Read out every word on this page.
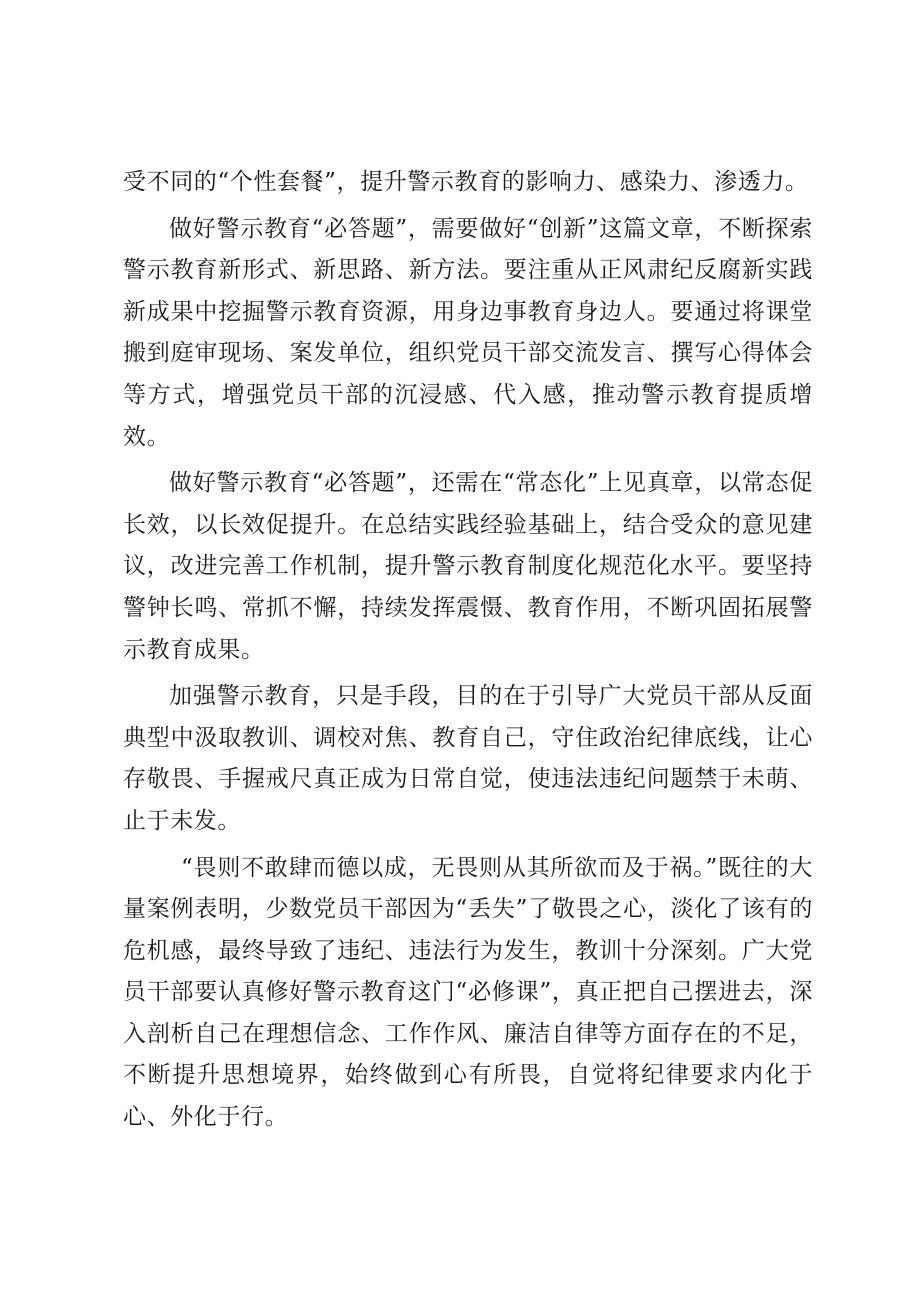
受不同的“个性套餐”，提升警示教育的影响力、感染力、渗透力。

做好警示教育“必答题”，需要做好“创新”这篇文章，不断探索警示教育新形式、新思路、新方法。要注重从正风肃纪反腐新实践新成果中挖掘警示教育资源，用身边事教育身边人。要通过将课堂搬到庭审现场、案发单位，组织党员干部交流发言、撰写心得体会等方式，增强党员干部的沉浸感、代入感，推动警示教育提质增效。

做好警示教育“必答题”，还需在“常态化”上见真章，以常态促长效，以长效促提升。在总结实践经验基础上，结合受众的意见建议，改进完善工作机制，提升警示教育制度化规范化水平。要坚持警钟长鸣、常抓不懈，持续发挥震慑、教育作用，不断巩固拓展警示教育成果。

加强警示教育，只是手段，目的在于引导广大党员干部从反面典型中汲取教训、调校对焦、教育自己，守住政治纪律底线，让心存敬畏、手握戒尺真正成为日常自觉，使违法违纪问题禁于未萌、止于未发。

“畏则不敢肆而德以成，无畏则从其所欲而及于祸。”既往的大量案例表明，少数党员干部因为“丢失”了敬畏之心，淡化了该有的危机感，最终导致了违纪、违法行为发生，教训十分深刻。广大党员干部要认真修好警示教育这门“必修课”，真正把自己摆进去，深入剖析自己在理想信念、工作作风、廉洁自律等方面存在的不足，不断提升思想境界，始终做到心有所畏，自觉将纪律要求内化于心、外化于行。
